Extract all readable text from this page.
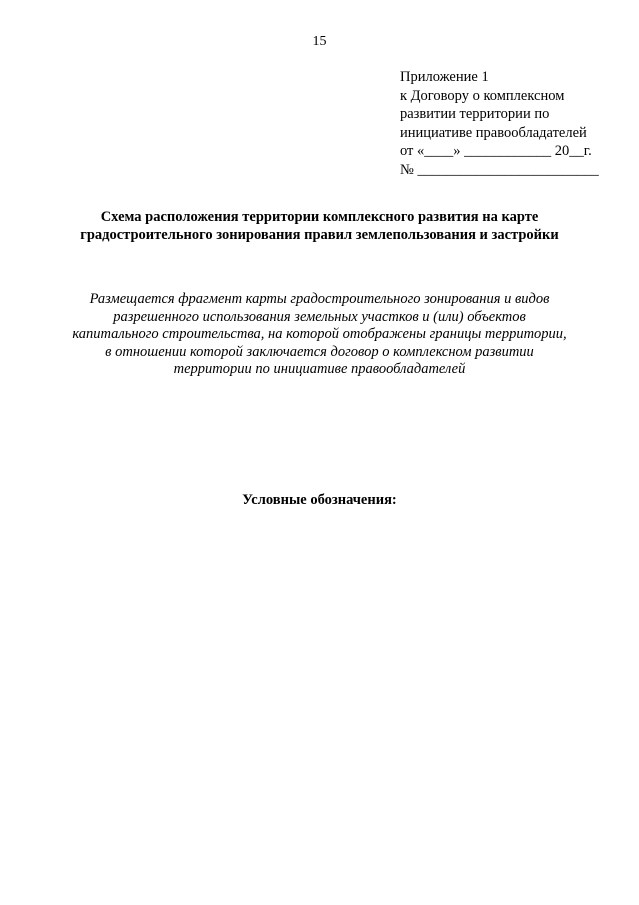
15
Приложение 1
к Договору о комплексном
развитии территории по
инициативе правообладателей
от «____» ____________ 20__г.
№ _________________________
Схема расположения территории комплексного развития на карте
градостроительного зонирования правил землепользования и застройки
Размещается фрагмент карты градостроительного зонирования и видов
разрешенного использования земельных участков и (или) объектов
капитального строительства, на которой отображены границы территории,
в отношении которой заключается договор о комплексном развитии
территории по инициативе правообладателей
Условные обозначения:
